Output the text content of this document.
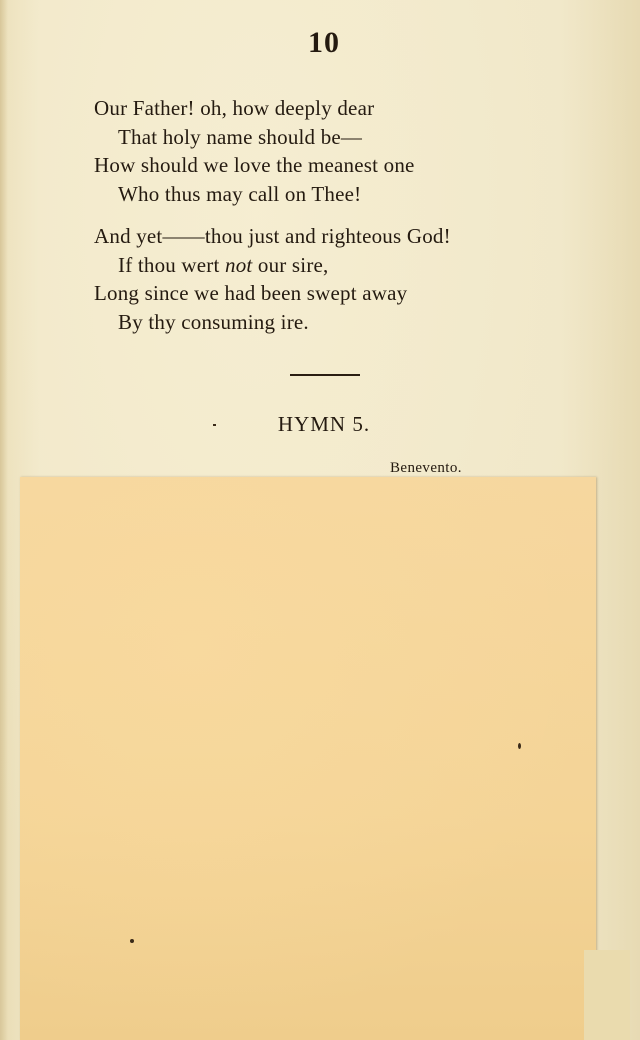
10
Our Father! oh, how deeply dear
That holy name should be—
How should we love the meanest one
Who thus may call on Thee!
And yet——thou just and righteous God!
If thou wert not our sire,
Long since we had been swept away
By thy consuming ire.
HYMN 5.
Benevento.
